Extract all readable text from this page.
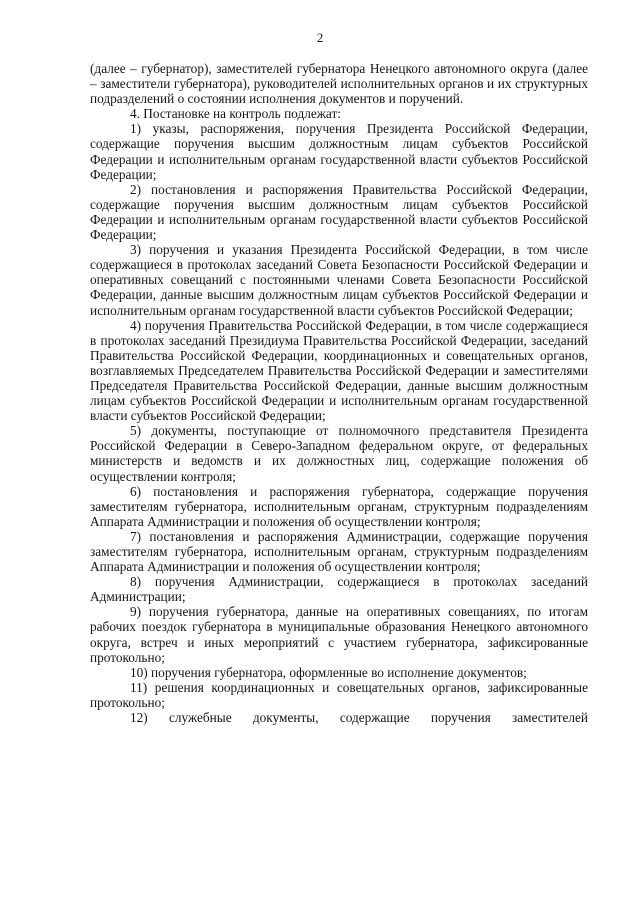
2

(далее – губернатор), заместителей губернатора Ненецкого автономного округа (далее – заместители губернатора), руководителей исполнительных органов и их структурных подразделений о состоянии исполнения документов и поручений.

4. Постановке на контроль подлежат:

1) указы, распоряжения, поручения Президента Российской Федерации, содержащие поручения высшим должностным лицам субъектов Российской Федерации и исполнительным органам государственной власти субъектов Российской Федерации;

2) постановления и распоряжения Правительства Российской Федерации, содержащие поручения высшим должностным лицам субъектов Российской Федерации и исполнительным органам государственной власти субъектов Российской Федерации;

3) поручения и указания Президента Российской Федерации, в том числе содержащиеся в протоколах заседаний Совета Безопасности Российской Федерации и оперативных совещаний с постоянными членами Совета Безопасности Российской Федерации, данные высшим должностным лицам субъектов Российской Федерации и исполнительным органам государственной власти субъектов Российской Федерации;

4) поручения Правительства Российской Федерации, в том числе содержащиеся в протоколах заседаний Президиума Правительства Российской Федерации, заседаний Правительства Российской Федерации, координационных и совещательных органов, возглавляемых Председателем Правительства Российской Федерации и заместителями Председателя Правительства Российской Федерации, данные высшим должностным лицам субъектов Российской Федерации и исполнительным органам государственной власти субъектов Российской Федерации;

5) документы, поступающие от полномочного представителя Президента Российской Федерации в Северо-Западном федеральном округе, от федеральных министерств и ведомств и их должностных лиц, содержащие положения об осуществлении контроля;

6) постановления и распоряжения губернатора, содержащие поручения заместителям губернатора, исполнительным органам, структурным подразделениям Аппарата Администрации и положения об осуществлении контроля;

7) постановления и распоряжения Администрации, содержащие поручения заместителям губернатора, исполнительным органам, структурным подразделениям Аппарата Администрации и положения об осуществлении контроля;

8) поручения Администрации, содержащиеся в протоколах заседаний Администрации;

9) поручения губернатора, данные на оперативных совещаниях, по итогам рабочих поездок губернатора в муниципальные образования Ненецкого автономного округа, встреч и иных мероприятий с участием губернатора, зафиксированные протокольно;

10) поручения губернатора, оформленные во исполнение документов;

11) решения координационных и совещательных органов, зафиксированные протокольно;

12) служебные документы, содержащие поручения заместителей
